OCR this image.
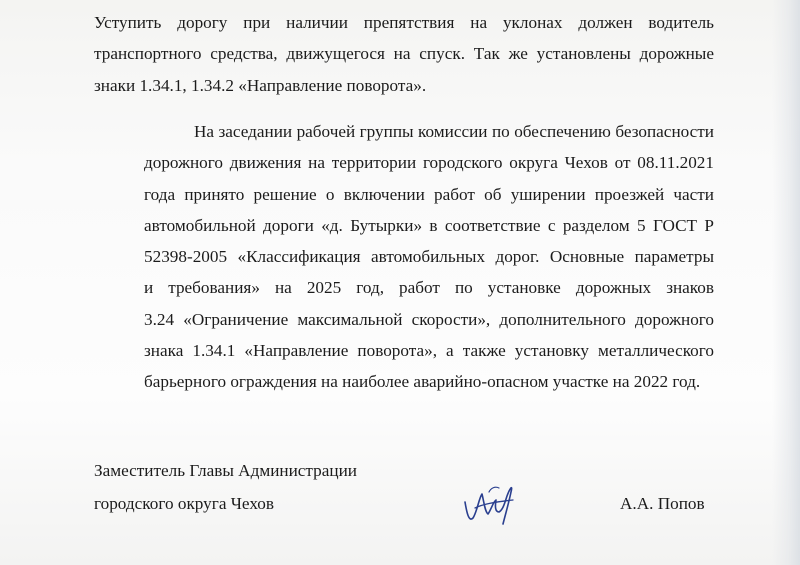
Уступить дорогу при наличии препятствия на уклонах должен водитель
транспортного средства, движущегося на спуск. Так же установлены дорожные
знаки 1.34.1, 1.34.2 «Направление поворота».
На заседании рабочей группы комиссии по обеспечению безопасности
дорожного движения на территории городского округа Чехов от 08.11.2021
года принято решение о включении работ об уширении проезжей части
автомобильной дороги «д. Бутырки» в соответствие с разделом 5 ГОСТ Р
52398-2005 «Классификация автомобильных дорог. Основные параметры
и требования» на 2025 год, работ по установке дорожных знаков
3.24 «Ограничение максимальной скорости», дополнительного дорожного
знака 1.34.1 «Направление поворота», а также установку металлического
барьерного ограждения на наиболее аварийно-опасном участке на 2022 год.
Заместитель Главы Администрации
городского округа Чехов	А.А. Попов
